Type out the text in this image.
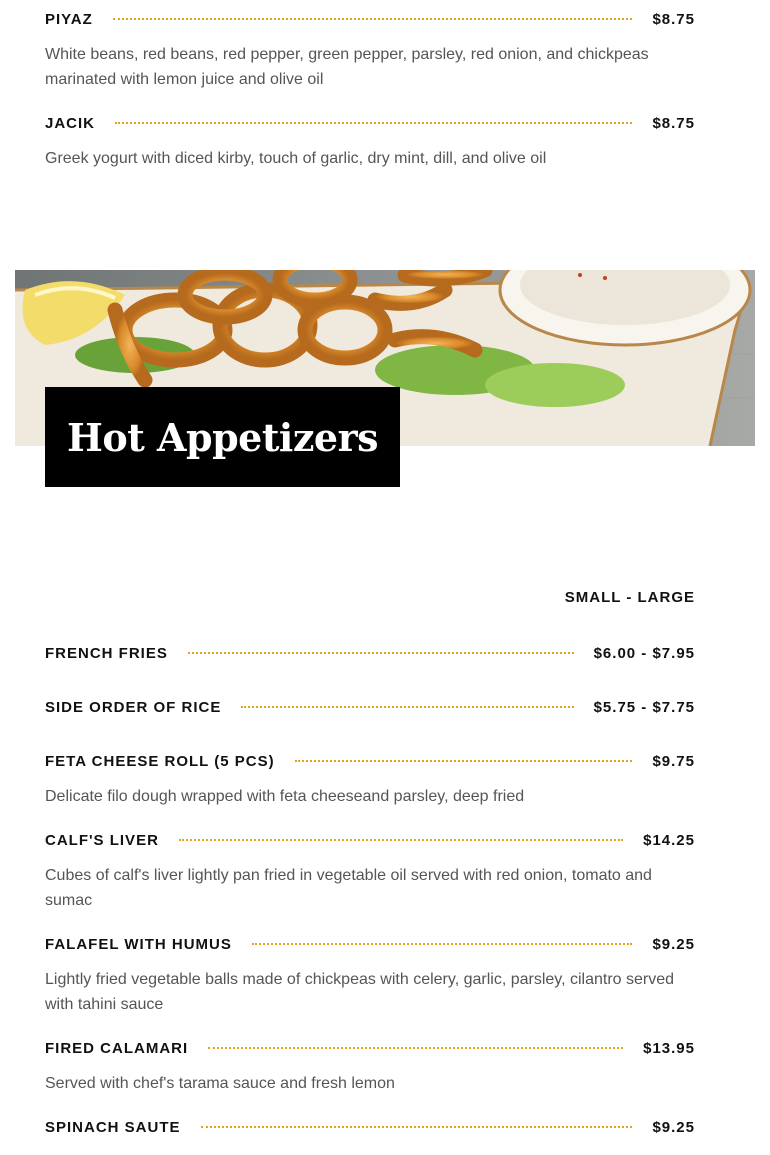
PIYAZ	$8.75
White beans, red beans, red pepper, green pepper, parsley, red onion, and chickpeas marinated with lemon juice and olive oil
JACIK	$8.75
Greek yogurt with diced kirby, touch of garlic, dry mint, dill, and olive oil
Hot Appetizers
SMALL - LARGE
FRENCH FRIES	$6.00 - $7.95
SIDE ORDER OF RICE	$5.75 - $7.75
FETA CHEESE ROLL (5 PCS)	$9.75
Delicate filo dough wrapped with feta cheeseand parsley, deep fried
CALF'S LIVER	$14.25
Cubes of calf's liver lightly pan fried in vegetable oil served with red onion, tomato and sumac
FALAFEL WITH HUMUS	$9.25
Lightly fried vegetable balls made of chickpeas with celery, garlic, parsley, cilantro served with tahini sauce
FIRED CALAMARI	$13.95
Served with chef's tarama sauce and fresh lemon
SPINACH SAUTE	$9.25
